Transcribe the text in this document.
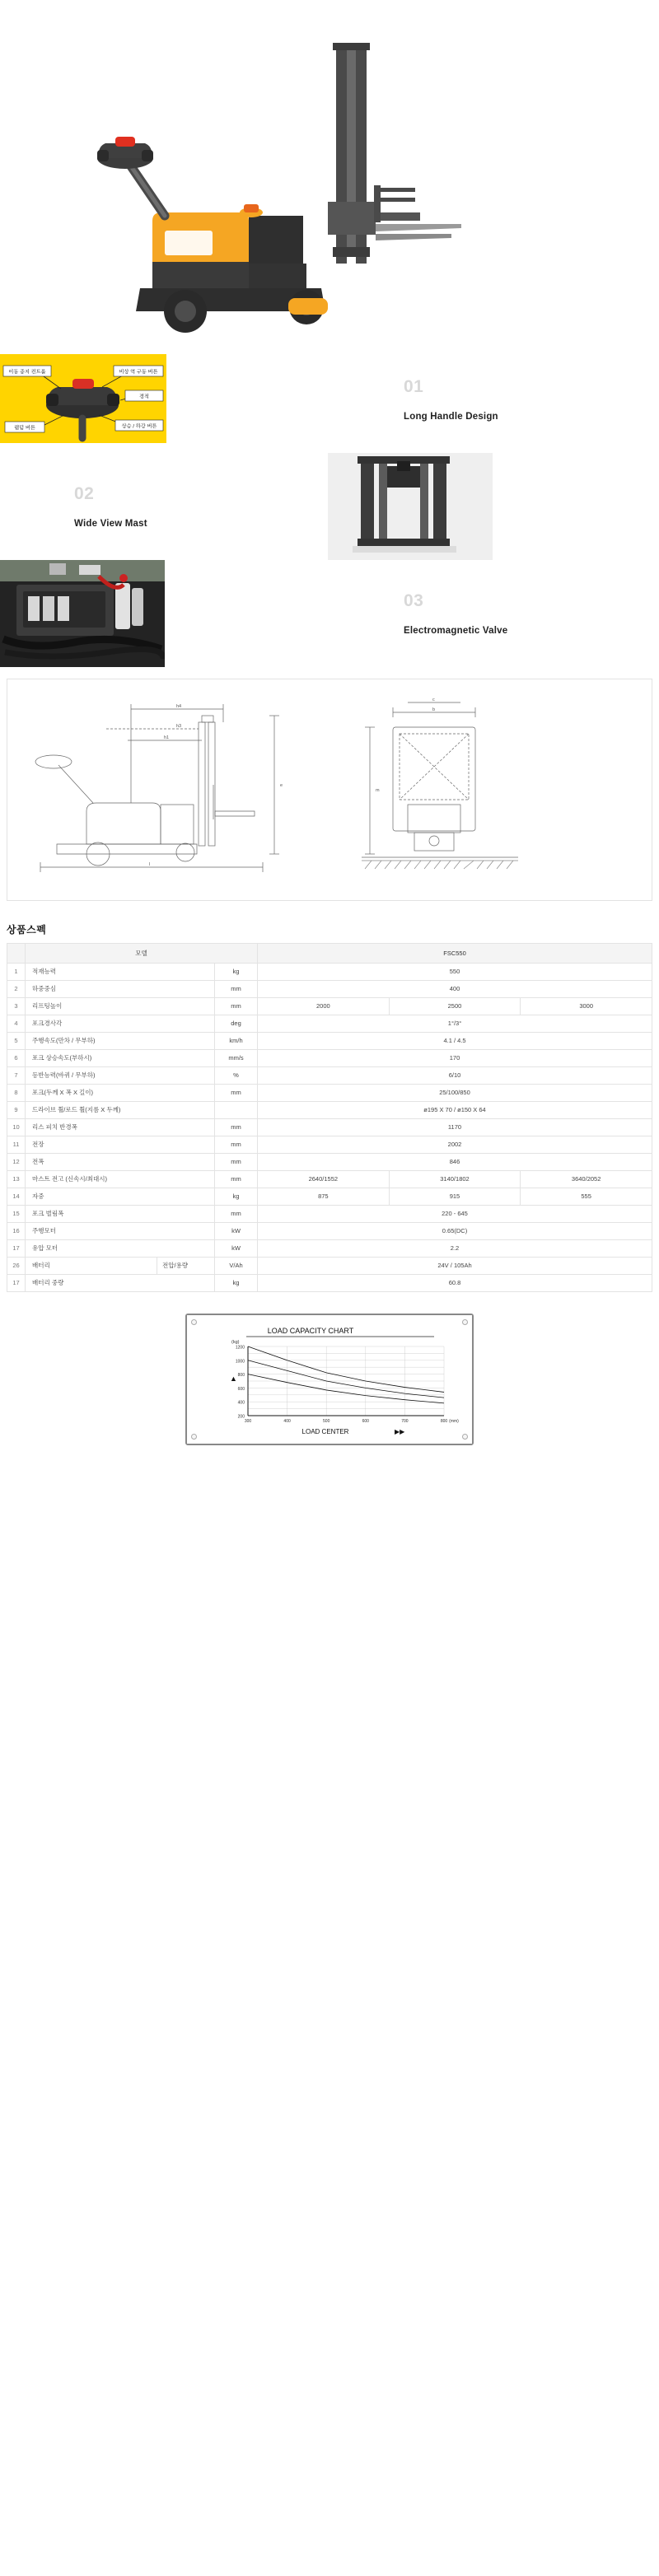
이동 중지 컨트롤	비상 역 구동 버튼
경적
상승 / 하강 버튼
램덤 버튼
01
Long Handle Design
02
Wide View Mast
03
Electromagnetic Valve
h4
h3
h1
l
e
b
c
m
상품스펙
	모델			FSC550		
1	적재능력		kg	550		
2	하중중심		mm	400		
3	리프팅높이		mm	2000	2500	3000
4	포크경사각		deg	1°/3°		
5	주행속도(만차 / 무부하)		km/h	4.1 / 4.5		
6	포크 상승속도(부하시)		mm/s	170		
7	등반능력(바퀴 / 무부하)		%	6/10		
8	포크(두께 X 폭 X 길이)		mm	25/100/850		
9	드라이브 휠/로드 휠(지름 X 두께)			ø195 X 70 / ø150 X 64		
10	리스 피치 반경폭		mm	1170		
11	전장		mm	2002		
12	전폭		mm	846		
13	마스트 전고 (신속시/최대시)		mm	2640/1552	3140/1802	3640/2052
14	자중		kg	875	915	555
15	포크 벌림폭		mm	220 - 645		
16	주행모터		kW	0.65(DC)		
17	유압 모터		kW	2.2		
26	배터리	전압/용량	V/Ah	24V / 105Ah		
17	배터리 중량		kg	60.8		
LOAD CAPACITY CHART
1200
1000
800
600
400
200
300	400	500	600	700	800 (mm)
(kg)
▲
LOAD CENTER	▶▶
